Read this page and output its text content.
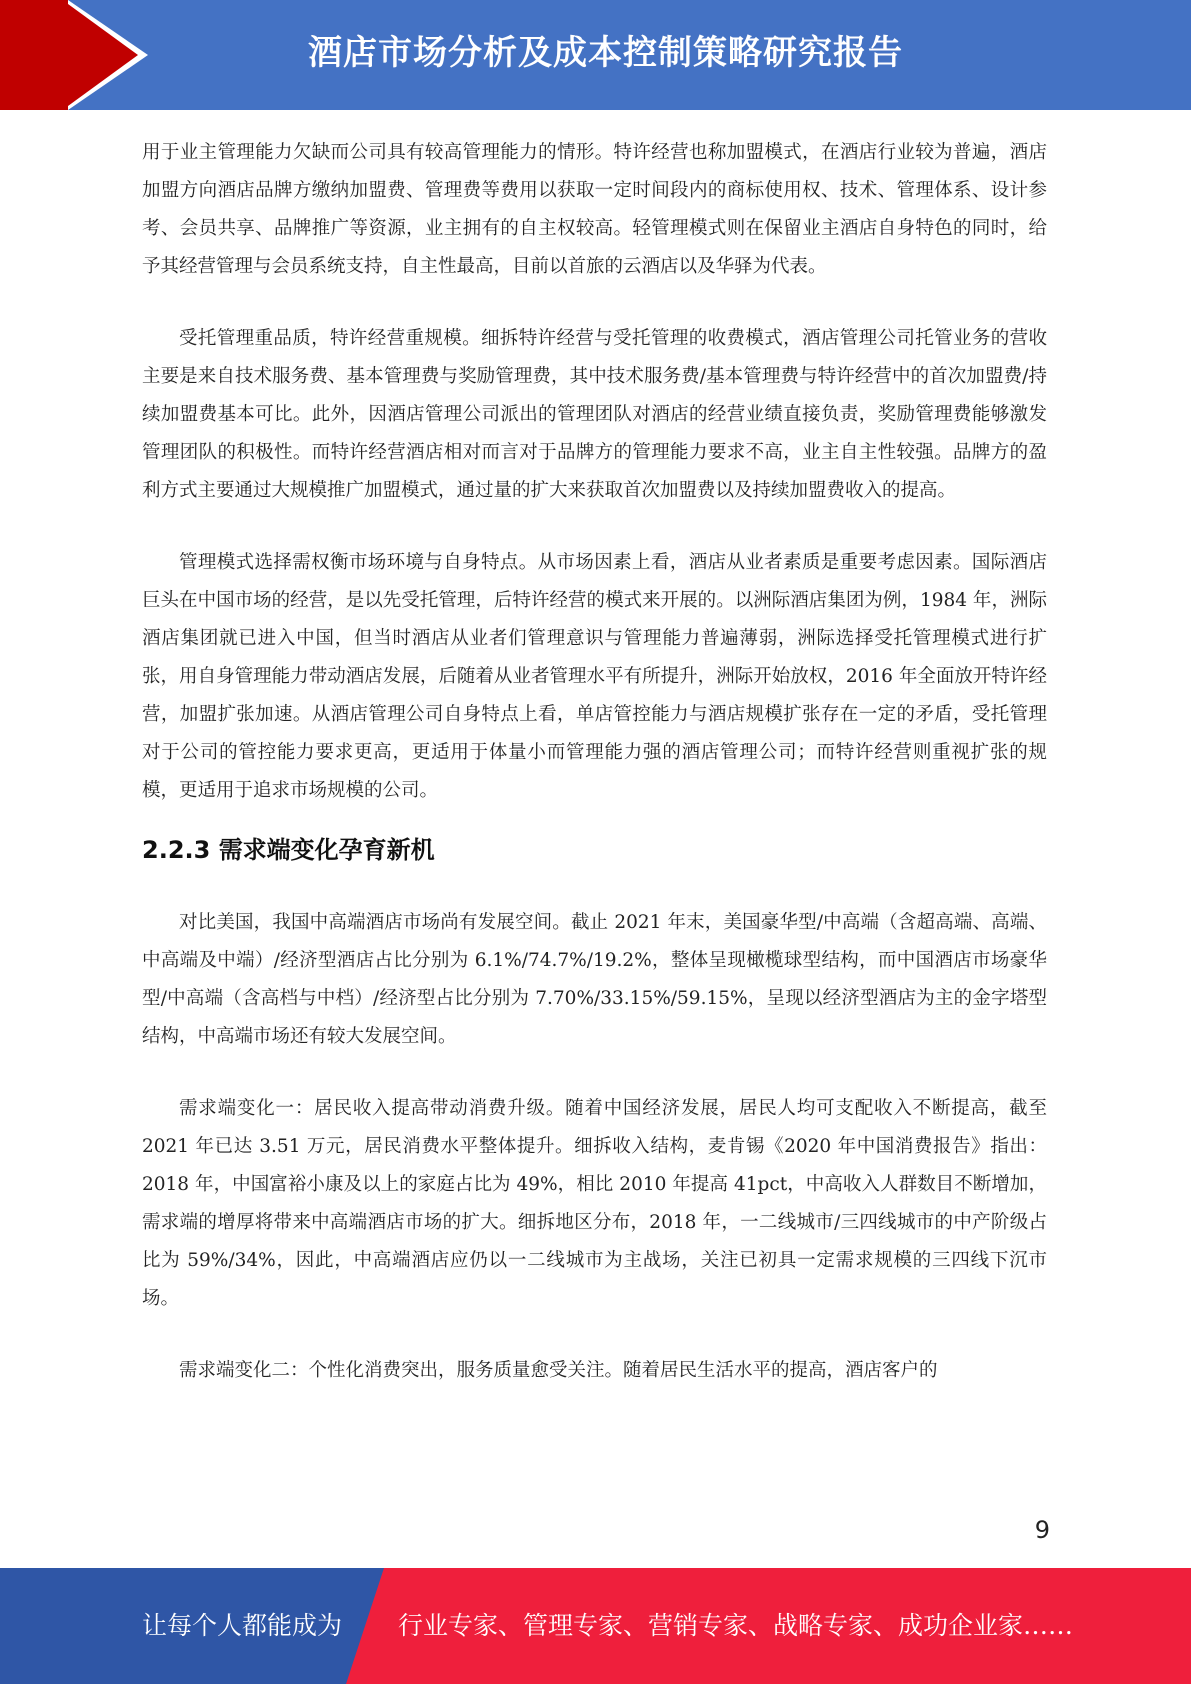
酒店市场分析及成本控制策略研究报告

用于业主管理能力欠缺而公司具有较高管理能力的情形。特许经营也称加盟模式，在酒店行业较为普遍，酒店加盟方向酒店品牌方缴纳加盟费、管理费等费用以获取一定时间段内的商标使用权、技术、管理体系、设计参考、会员共享、品牌推广等资源，业主拥有的自主权较高。轻管理模式则在保留业主酒店自身特色的同时，给予其经营管理与会员系统支持，自主性最高，目前以首旅的云酒店以及华驿为代表。

受托管理重品质，特许经营重规模。细拆特许经营与受托管理的收费模式，酒店管理公司托管业务的营收主要是来自技术服务费、基本管理费与奖励管理费，其中技术服务费/基本管理费与特许经营中的首次加盟费/持续加盟费基本可比。此外，因酒店管理公司派出的管理团队对酒店的经营业绩直接负责，奖励管理费能够激发管理团队的积极性。而特许经营酒店相对而言对于品牌方的管理能力要求不高，业主自主性较强。品牌方的盈利方式主要通过大规模推广加盟模式，通过量的扩大来获取首次加盟费以及持续加盟费收入的提高。

管理模式选择需权衡市场环境与自身特点。从市场因素上看，酒店从业者素质是重要考虑因素。国际酒店巨头在中国市场的经营，是以先受托管理，后特许经营的模式来开展的。以洲际酒店集团为例，1984 年，洲际酒店集团就已进入中国，但当时酒店从业者们管理意识与管理能力普遍薄弱，洲际选择受托管理模式进行扩张，用自身管理能力带动酒店发展，后随着从业者管理水平有所提升，洲际开始放权，2016 年全面放开特许经营，加盟扩张加速。从酒店管理公司自身特点上看，单店管控能力与酒店规模扩张存在一定的矛盾，受托管理对于公司的管控能力要求更高，更适用于体量小而管理能力强的酒店管理公司；而特许经营则重视扩张的规模，更适用于追求市场规模的公司。

2.2.3 需求端变化孕育新机

对比美国，我国中高端酒店市场尚有发展空间。截止 2021 年末，美国豪华型/中高端（含超高端、高端、中高端及中端）/经济型酒店占比分别为 6.1%/74.7%/19.2%，整体呈现橄榄球型结构，而中国酒店市场豪华型/中高端（含高档与中档）/经济型占比分别为 7.70%/33.15%/59.15%，呈现以经济型酒店为主的金字塔型结构，中高端市场还有较大发展空间。

需求端变化一：居民收入提高带动消费升级。随着中国经济发展，居民人均可支配收入不断提高，截至 2021 年已达 3.51 万元，居民消费水平整体提升。细拆收入结构，麦肯锡《2020 年中国消费报告》指出：2018 年，中国富裕小康及以上的家庭占比为 49%，相比 2010 年提高 41pct，中高收入人群数目不断增加，需求端的增厚将带来中高端酒店市场的扩大。细拆地区分布，2018 年，一二线城市/三四线城市的中产阶级占比为 59%/34%，因此，中高端酒店应仍以一二线城市为主战场，关注已初具一定需求规模的三四线下沉市场。

需求端变化二：个性化消费突出，服务质量愈受关注。随着居民生活水平的提高，酒店客户的

9
让每个人都能成为 行业专家、管理专家、营销专家、战略专家、成功企业家……
